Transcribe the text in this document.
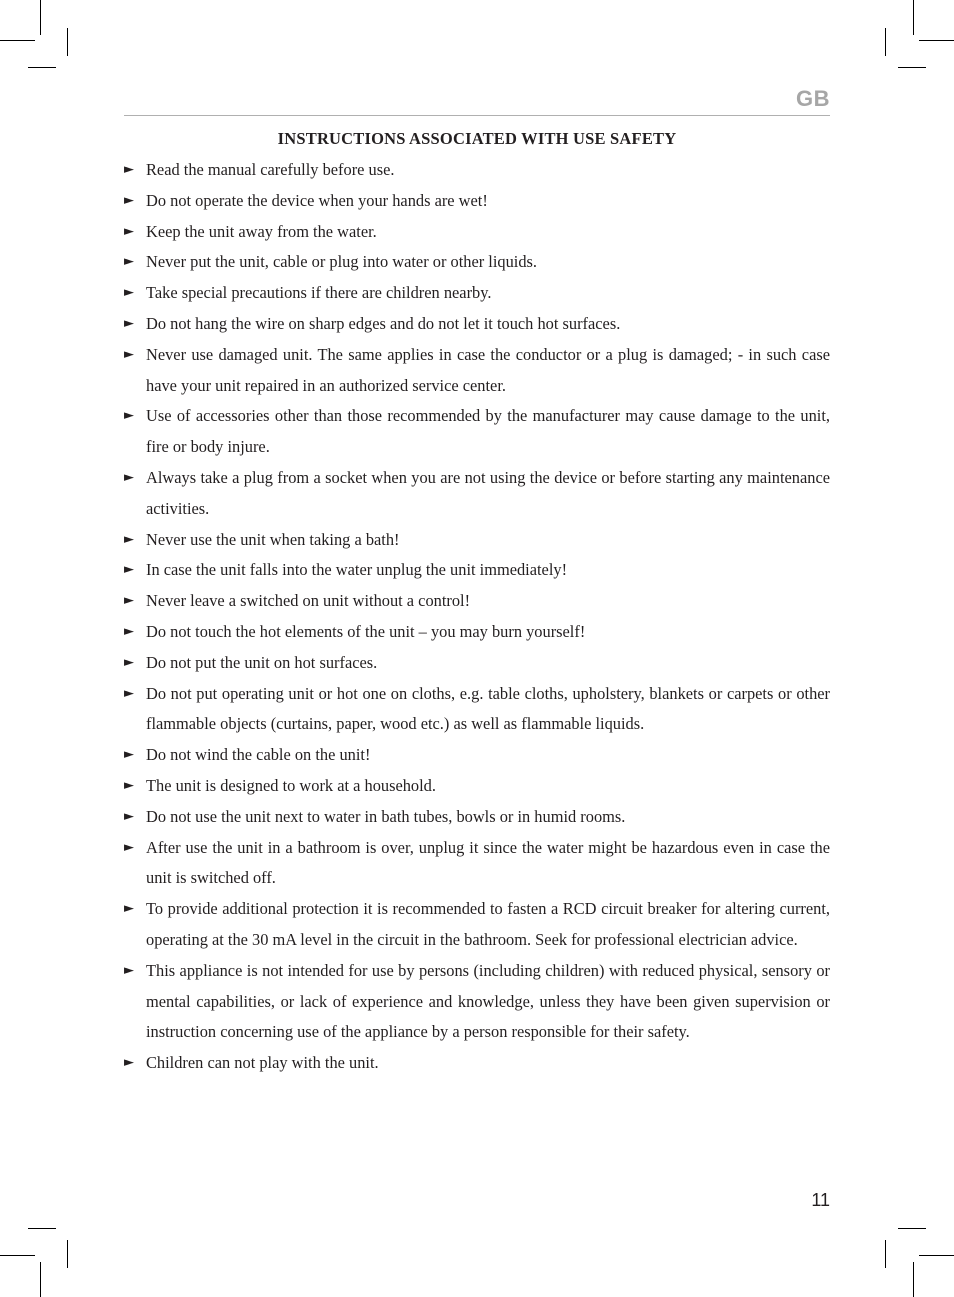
GB
INSTRUCTIONS ASSOCIATED WITH USE SAFETY
► Read the manual carefully before use.
► Do not operate the device when your hands are wet!
► Keep the unit away from the water.
► Never put the unit, cable or plug into water or other liquids.
► Take special precautions if there are children nearby.
► Do not hang the wire on sharp edges and do not let it touch hot surfaces.
► Never use damaged unit. The same applies in case the conductor or a plug is damaged; - in such case have your unit repaired in an authorized service center.
► Use of accessories other than those recommended by the manufacturer may cause damage to the unit, fire or body injure.
► Always take a plug from a socket when you are not using the device or before starting any maintenance activities.
► Never use the unit when taking a bath!
► In case the unit falls into the water unplug the unit immediately!
► Never leave a switched on unit without a control!
► Do not touch the hot elements of the unit – you may burn yourself!
► Do not put the unit on hot surfaces.
► Do not put operating unit or hot one on cloths, e.g. table cloths, upholstery, blankets or carpets or other flammable objects (curtains, paper, wood etc.) as well as flammable liquids.
► Do not wind the cable on the unit!
► The unit is designed to work at a household.
► Do not use the unit next to water in bath tubes, bowls or in humid rooms.
► After use the unit in a bathroom is over, unplug it since the water might be hazardous even in case the unit is switched off.
► To provide additional protection it is recommended to fasten a RCD circuit breaker for altering current, operating at the 30 mA level in the circuit in the bathroom. Seek for professional electrician advice.
► This appliance is not intended for use by persons (including children) with reduced physical, sensory or mental capabilities, or lack of experience and knowledge, unless they have been given supervision or instruction concerning use of the appliance by a person responsible for their safety.
► Children can not play with the unit.
11
